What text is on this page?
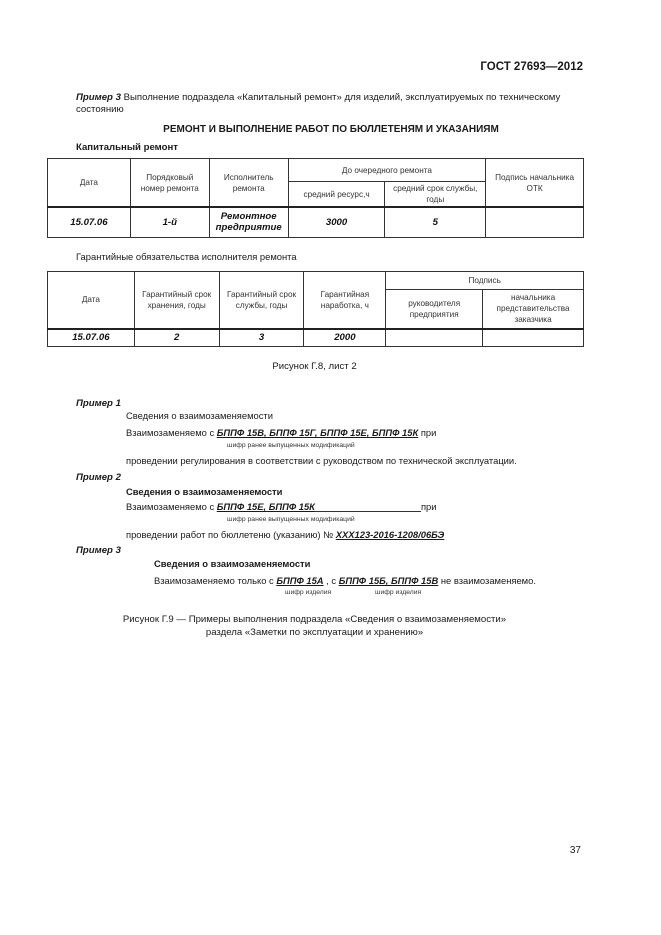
ГОСТ 27693—2012
Пример 3 Выполнение подраздела «Капитальный ремонт» для изделий, эксплуатируемых по техническому состоянию
РЕМОНТ И ВЫПОЛНЕНИЕ РАБОТ ПО БЮЛЛЕТЕНЯМ И УКАЗАНИЯМ
Капитальный ремонт
Дата	Порядковый номер ремонта	Исполнитель ремонта	До очередного ремонта		Подпись начальника ОТК
			средний ресурс,ч	средний срок службы, годы	
15.07.06	1-й	Ремонтное предприятие	3000	5	
Гарантийные обязательства исполнителя ремонта
Дата	Гарантийный срок хранения, годы	Гарантийный срок службы, годы	Гарантийная наработка, ч	Подпись	
				руководителя предприятия	начальника представительства заказчика
15.07.06	2	3	2000		
Рисунок Г.8, лист 2
Пример 1
Сведения о взаимозаменяемости
Взаимозаменяемо с БППФ 15В, БППФ 15Г, БППФ 15Е, БППФ 15К при
шифр ранее выпущенных модификаций
проведении регулирования в соответствии с руководством по технической эксплуатации.
Пример 2
Сведения о взаимозаменяемости
Взаимозаменяемо с БППФ 15Е, БППФ 15К	при
шифр ранее выпущенных модификаций
проведении работ по бюллетеню (указанию) № ХХХ123-2016-1208/06БЭ
Пример 3
Сведения о взаимозаменяемости
Взаимозаменяемо только с БППФ 15А , с БППФ 15Б, БППФ 15В не взаимозаменяемо.
шифр изделия	шифр изделия
Рисунок Г.9 — Примеры выполнения подраздела «Сведения о взаимозаменяемости»
раздела «Заметки по эксплуатации и хранению»
37
